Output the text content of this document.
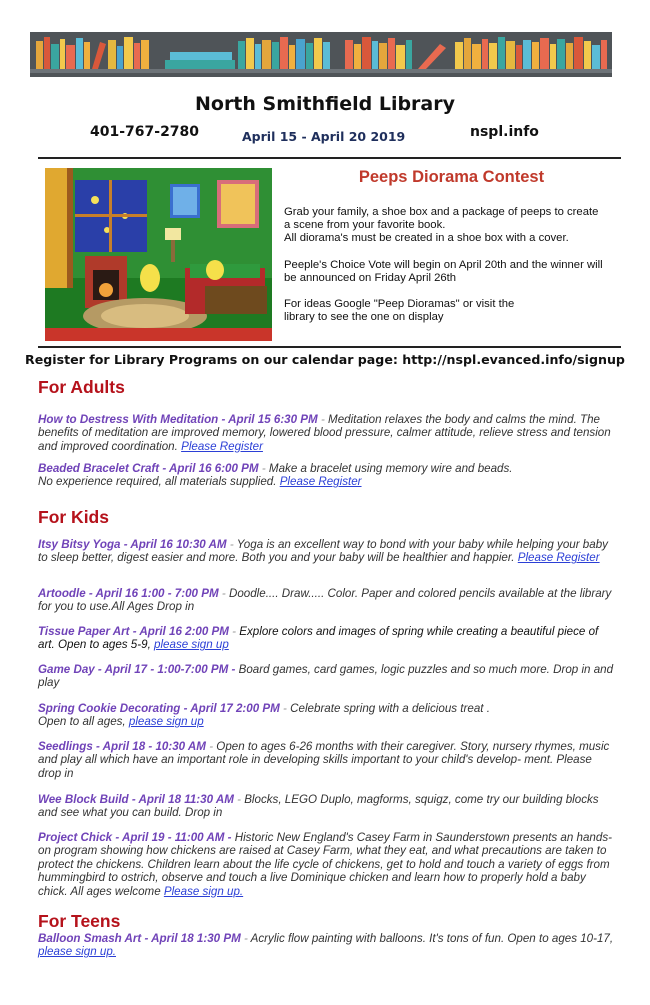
North Smithfield Library
401-767-2780	April 15 - April 20 2019	nspl.info
Peeps Diorama Contest

Grab your family, a shoe box and a package of peeps to create
a scene from your favorite book.
All diorama's must be created in a shoe box with a cover.

Peeple's Choice Vote will begin on April 20th and the winner will
be announced on Friday April 26th

For ideas Google "Peep Dioramas" or visit the
library to see the one on display

Register for Library Programs on our calendar page: http://nspl.evanced.info/signup
For Adults
How to Destress With Meditation - April 15 6:30 PM - Meditation relaxes the body and calms the mind. The benefits of meditation are improved memory, lowered blood pressure, calmer attitude, relieve stress and tension and improved coordination. Please Register
Beaded Bracelet Craft - April 16 6:00 PM - Make a bracelet using memory wire and beads.
No experience required, all materials supplied. Please Register
For Kids
Itsy Bitsy Yoga - April 16 10:30 AM - Yoga is an excellent way to bond with your baby while helping your baby to sleep better, digest easier and more. Both you and your baby will be healthier and happier. Please Register
Artoodle - April 16 1:00 - 7:00 PM - Doodle.... Draw..... Color. Paper and colored pencils available at the library for you to use.All Ages Drop in
Tissue Paper Art - April 16 2:00 PM - Explore colors and images of spring while creating a beautiful piece of art. Open to ages 5-9, please sign up
Game Day - April 17 - 1:00-7:00 PM - Board games, card games, logic puzzles and so much more. Drop in and play
Spring Cookie Decorating - April 17 2:00 PM - Celebrate spring with a delicious treat .
Open to all ages, please sign up
Seedlings - April 18 - 10:30 AM - Open to ages 6-26 months with their caregiver. Story, nursery rhymes, music and play all which have an important role in developing skills important to your child's develop- ment. Please drop in
Wee Block Build - April 18 11:30 AM - Blocks, LEGO Duplo, magforms, squigz, come try our building blocks and see what you can build. Drop in
Project Chick - April 19 - 11:00 AM - Historic New England's Casey Farm in Saunderstown presents an hands-on program showing how chickens are raised at Casey Farm, what they eat, and what precautions are taken to protect the chickens. Children learn about the life cycle of chickens, get to hold and touch a variety of eggs from hummingbird to ostrich, observe and touch a live Dominique chicken and learn how to properly hold a baby chick. All ages welcome Please sign up.
For Teens
Balloon Smash Art - April 18 1:30 PM - Acrylic flow painting with balloons. It's tons of fun. Open to ages 10-17, please sign up.
